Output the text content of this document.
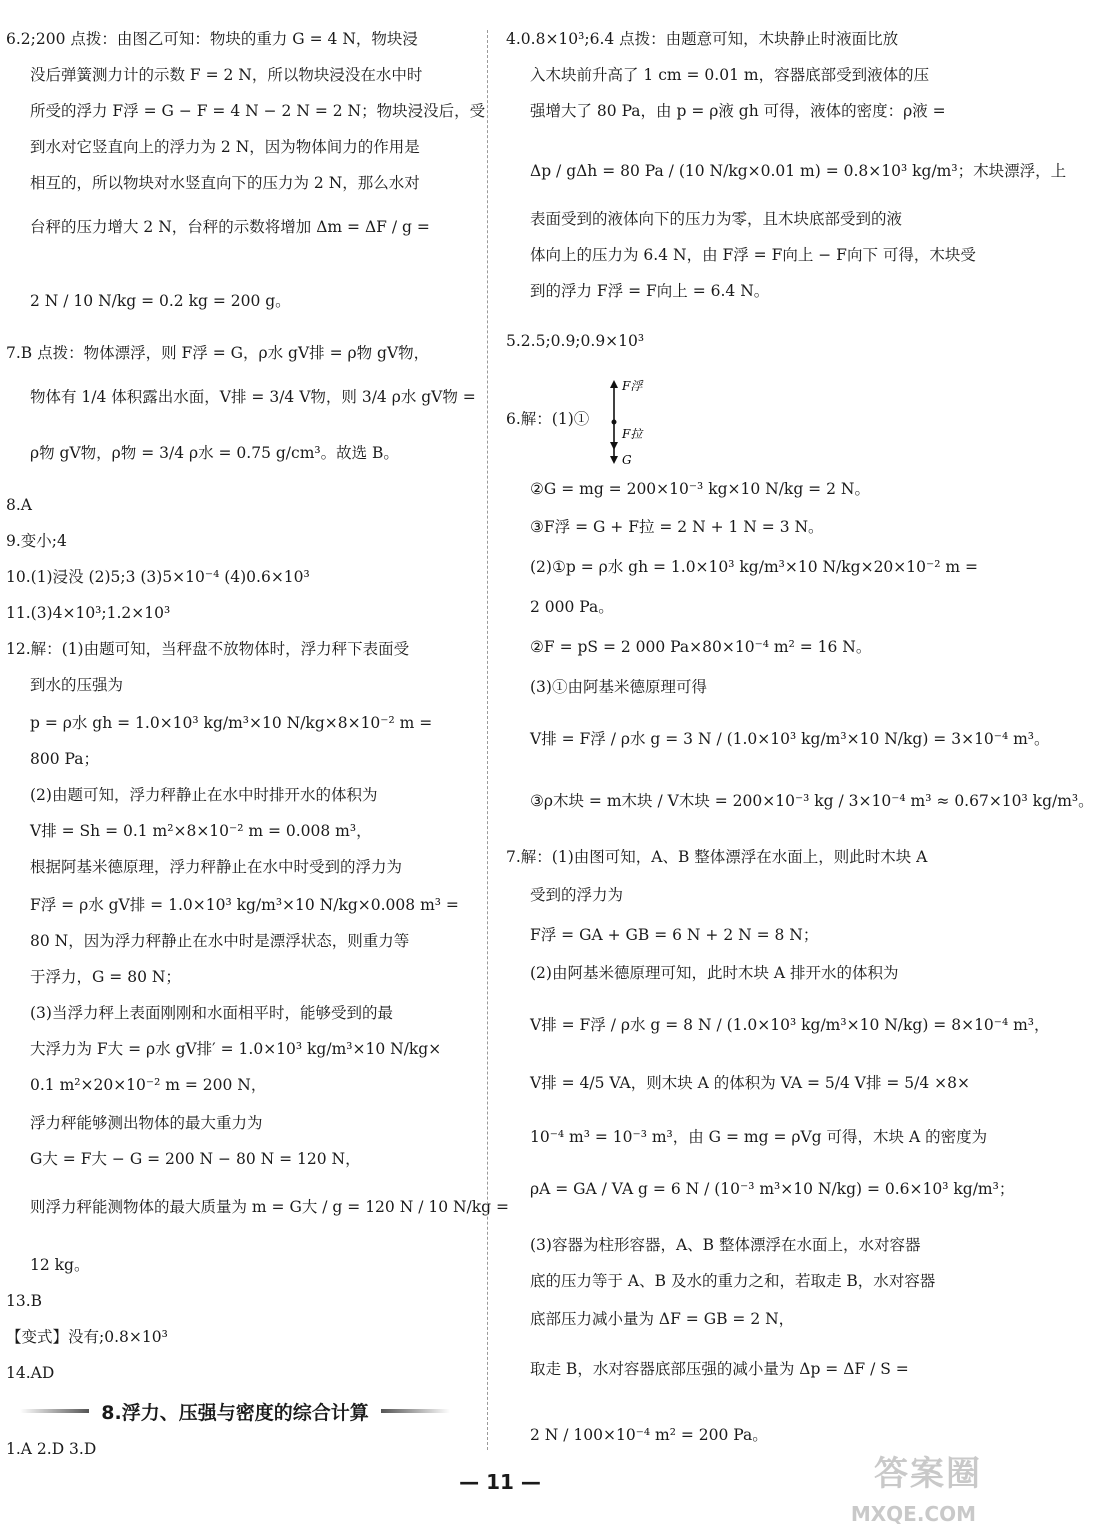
6.2;200 点拨：由图乙可知：物块的重力 G = 4 N，物块浸
没后弹簧测力计的示数 F = 2 N，所以物块浸没在水中时
所受的浮力 F浮 = G − F = 4 N − 2 N = 2 N；物块浸没后，受
到水对它竖直向上的浮力为 2 N，因为物体间力的作用是
相互的，所以物块对水竖直向下的压力为 2 N，那么水对
台秤的压力增大 2 N，台秤的示数将增加 Δm = ΔF / g =
2 N / 10 N/kg = 0.2 kg = 200 g。
7.B 点拨：物体漂浮，则 F浮 = G，ρ水 gV排 = ρ物 gV物，
物体有 1/4 体积露出水面，V排 = 3/4 V物，则 3/4 ρ水 gV物 =
ρ物 gV物，ρ物 = 3/4 ρ水 = 0.75 g/cm³。故选 B。
8.A
9.变小;4
10.(1)浸没 (2)5;3 (3)5×10⁻⁴ (4)0.6×10³
11.(3)4×10³;1.2×10³
12.解：(1)由题可知，当秤盘不放物体时，浮力秤下表面受
到水的压强为
p = ρ水 gh = 1.0×10³ kg/m³×10 N/kg×8×10⁻² m =
800 Pa；
(2)由题可知，浮力秤静止在水中时排开水的体积为
V排 = Sh = 0.1 m²×8×10⁻² m = 0.008 m³，
根据阿基米德原理，浮力秤静止在水中时受到的浮力为
F浮 = ρ水 gV排 = 1.0×10³ kg/m³×10 N/kg×0.008 m³ =
80 N，因为浮力秤静止在水中时是漂浮状态，则重力等
于浮力，G = 80 N；
(3)当浮力秤上表面刚刚和水面相平时，能够受到的最
大浮力为 F大 = ρ水 gV排′ = 1.0×10³ kg/m³×10 N/kg×
0.1 m²×20×10⁻² m = 200 N，
浮力秤能够测出物体的最大重力为
G大 = F大 − G = 200 N − 80 N = 120 N，
则浮力秤能测物体的最大质量为 m = G大 / g = 120 N / 10 N/kg =
12 kg。
13.B
【变式】没有;0.8×10³
14.AD
1.A 2.D 3.D
4.0.8×10³;6.4 点拨：由题意可知，木块静止时液面比放
入木块前升高了 1 cm = 0.01 m，容器底部受到液体的压
强增大了 80 Pa，由 p = ρ液 gh 可得，液体的密度：ρ液 =
Δp / gΔh = 80 Pa / (10 N/kg×0.01 m) = 0.8×10³ kg/m³；木块漂浮，上
表面受到的液体向下的压力为零，且木块底部受到的液
体向上的压力为 6.4 N，由 F浮 = F向上 − F向下 可得，木块受
到的浮力 F浮 = F向上 = 6.4 N。
5.2.5;0.9;0.9×10³
6.解：(1)①
②G = mg = 200×10⁻³ kg×10 N/kg = 2 N。
③F浮 = G + F拉 = 2 N + 1 N = 3 N。
(2)①p = ρ水 gh = 1.0×10³ kg/m³×10 N/kg×20×10⁻² m =
2 000 Pa。
②F = pS = 2 000 Pa×80×10⁻⁴ m² = 16 N。
(3)①由阿基米德原理可得
V排 = F浮 / ρ水 g = 3 N / (1.0×10³ kg/m³×10 N/kg) = 3×10⁻⁴ m³。
③ρ木块 = m木块 / V木块 = 200×10⁻³ kg / 3×10⁻⁴ m³ ≈ 0.67×10³ kg/m³。
7.解：(1)由图可知，A、B 整体漂浮在水面上，则此时木块 A
受到的浮力为
F浮 = GA + GB = 6 N + 2 N = 8 N；
(2)由阿基米德原理可知，此时木块 A 排开水的体积为
V排 = F浮 / ρ水 g = 8 N / (1.0×10³ kg/m³×10 N/kg) = 8×10⁻⁴ m³，
V排 = 4/5 VA，则木块 A 的体积为 VA = 5/4 V排 = 5/4 ×8×
10⁻⁴ m³ = 10⁻³ m³，由 G = mg = ρVg 可得，木块 A 的密度为
ρA = GA / VA g = 6 N / (10⁻³ m³×10 N/kg) = 0.6×10³ kg/m³；
(3)容器为柱形容器，A、B 整体漂浮在水面上，水对容器
底的压力等于 A、B 及水的重力之和，若取走 B，水对容器
底部压力减小量为 ΔF = GB = 2 N，
取走 B，水对容器底部压强的减小量为 Δp = ΔF / S =
2 N / 100×10⁻⁴ m² = 200 Pa。
F浮
F拉
G
8.浮力、压强与密度的综合计算
— 11 —	答案圈
MXQE.COM
